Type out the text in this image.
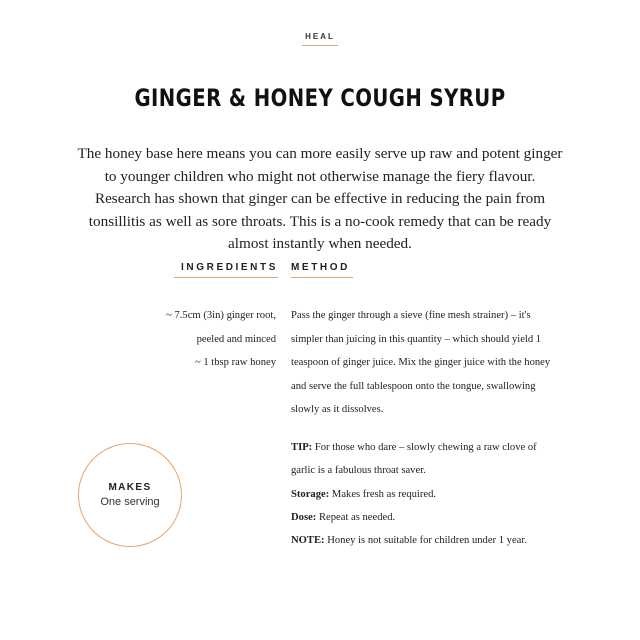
HEAL
GINGER & HONEY COUGH SYRUP

The honey base here means you can more easily serve up raw and potent ginger to younger children who might not otherwise manage the fiery flavour. Research has shown that ginger can be effective in reducing the pain from tonsillitis as well as sore throats. This is a no-cook remedy that can be ready almost instantly when needed.

INGREDIENTS METHOD
~ 7.5cm (3in) ginger root, peeled and minced
~ 1 tbsp raw honey
Pass the ginger through a sieve (fine mesh strainer) – it's simpler than juicing in this quantity – which should yield 1 teaspoon of ginger juice. Mix the ginger juice with the honey and serve the full tablespoon onto the tongue, swallowing slowly as it dissolves.

TIP: For those who dare – slowly chewing a raw clove of garlic is a fabulous throat saver.

Storage: Makes fresh as required.

Dose: Repeat as needed.

NOTE: Honey is not suitable for children under 1 year.

MAKES
One serving
